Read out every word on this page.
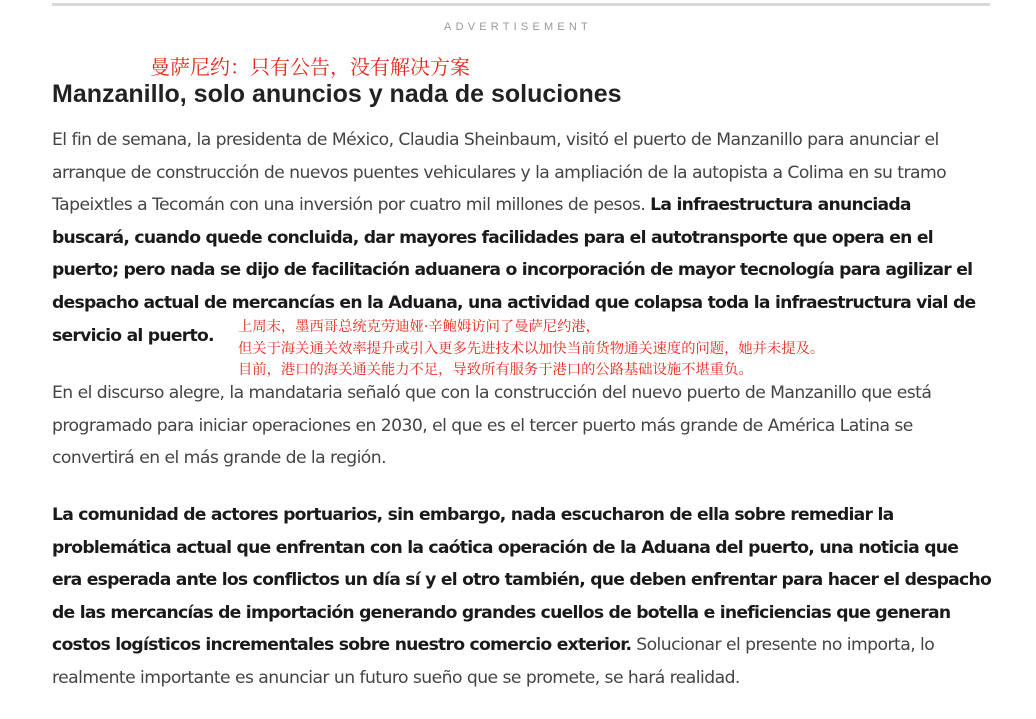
ADVERTISEMENT
曼萨尼约：只有公告，没有解决方案
Manzanillo, solo anuncios y nada de soluciones

El fin de semana, la presidenta de México, Claudia Sheinbaum, visitó el puerto de Manzanillo para anunciar el arranque de construcción de nuevos puentes vehiculares y la ampliación de la autopista a Colima en su tramo Tapeixtles a Tecomán con una inversión por cuatro mil millones de pesos. La infraestructura anunciada buscará, cuando quede concluida, dar mayores facilidades para el autotransporte que opera en el puerto; pero nada se dijo de facilitación aduanera o incorporación de mayor tecnología para agilizar el despacho actual de mercancías en la Aduana, una actividad que colapsa toda la infraestructura vial de servicio al puerto.	上周末，墨西哥总统克劳迪娅·辛鲍姆访问了曼萨尼约港，
但关于海关通关效率提升或引入更多先进技术以加快当前货物通关速度的问题，她并未提及。
目前，港口的海关通关能力不足，导致所有服务于港口的公路基础设施不堪重负。

En el discurso alegre, la mandataria señaló que con la construcción del nuevo puerto de Manzanillo que está programado para iniciar operaciones en 2030, el que es el tercer puerto más grande de América Latina se convertirá en el más grande de la región.

La comunidad de actores portuarios, sin embargo, nada escucharon de ella sobre remediar la problemática actual que enfrentan con la caótica operación de la Aduana del puerto, una noticia que era esperada ante los conflictos un día sí y el otro también, que deben enfrentar para hacer el despacho de las mercancías de importación generando grandes cuellos de botella e ineficiencias que generan costos logísticos incrementales sobre nuestro comercio exterior. Solucionar el presente no importa, lo realmente importante es anunciar un futuro sueño que se promete, se hará realidad.
